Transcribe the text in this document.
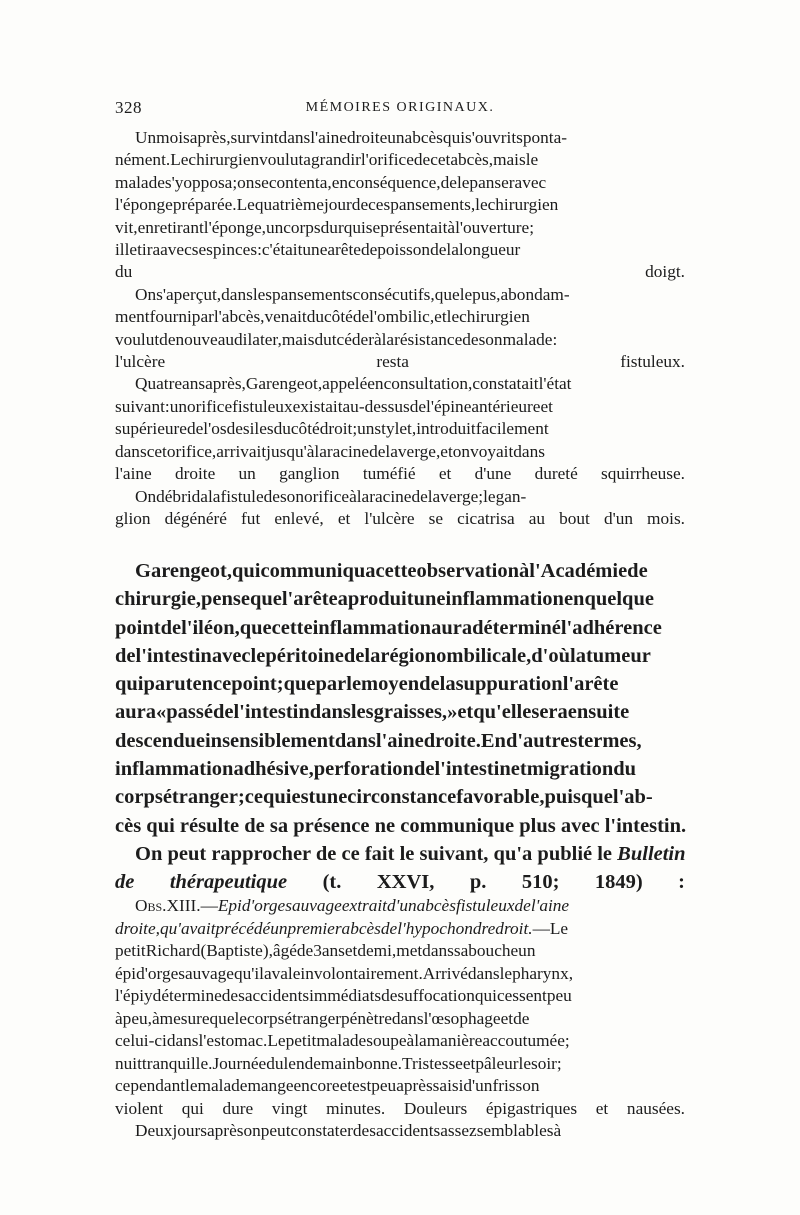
328	MÉMOIRES ORIGINAUX.

Unmoisaprès,survintdansl'ainedroiteunabcèsquis'ouvritsponta-
nément.Lechirurgienvoulutagrandirl'orificedecetabcès,maisle
malades'yopposa;onsecontenta,enconséquence,delepanseravec
l'épongepréparée.Lequatrièmejourdecespansements,lechirurgien
vit,enretirantl'éponge,uncorpsdurquiseprésentaitàl'ouverture;
illetiraavecsespinces:c'étaitunearêtedepoissondelalongueur
du doigt.

Ons'aperçut,danslespansementsconsécutifs,quelepus,abondam-
mentfourniparl'abcès,venaitducôtédel'ombilic,etlechirurgien
voulutdenouveaudilater,maisdutcéderàlarésistancedesonmalade:
l'ulcère resta fistuleux.

Quatreansaprès,Garengeot,appeléenconsultation,constataitl'état
suivant:unorificefistuleuxexistaitau-dessusdel'épineantérieureet
supérieuredel'osdesilesducôtédroit;unstylet,introduitfacilement
danscetorifice,arrivaitjusqu'àlaracinedelaverge,etonvoyaitdans
l'aine droite un ganglion tuméfié et d'une dureté squirrheuse.

Ondébridalafistuledesonorificeàlaracinedelaverge;legan-
glion dégénéré fut enlevé, et l'ulcère se cicatrisa au bout d'un mois.

Garengeot,quicommuniquacetteobservationàl'Académiede
chirurgie,pensequel'arêteaproduituneinflammationenquelque
pointdel'iléon,quecetteinflammationauradéterminél'adhérence
del'intestinaveclepéritoinedelarégionombilicale,d'oùlatumeur
quiparutencepoint;queparlemoyendelasuppurationl'arête
aura«passédel'intestindanslesgraisses,»etqu'elleseraensuite
descendueinsensiblementdansl'ainedroite.End'autrestermes,
inflammationadhésive,perforationdel'intestinetmigrationdu
corpsétranger;cequiestunecirconstancefavorable,puisquel'ab-
cès qui résulte de sa présence ne communique plus avec l'intestin.

On peut rapprocher de ce fait le suivant, qu'a publié le Bulletin
de thérapeutique (t. XXVI, p. 510; 1849) :

Obs.XIII.—Epid'orgesauvageextraitd'unabcèsfistuleuxdel'aine
droite,qu'avaitprécédéunpremierabcèsdel'hypochondredroit.—Le
petitRichard(Baptiste),âgéde3ansetdemi,metdanssaboucheun
épid'orgesauvagequ'ilavaleinvolontairement.Arrivédanslepharynx,
l'épiydéterminedesaccidentsimmédiatsdesuffocationquicessentpeu
àpeu,àmesurequelecorpsétrangerpénètredansl'œsophageetde
celui-cidansl'estomac.Lepetitmaladesoupeàlamanièreaccoutumée;
nuittranquille.Journéedulendemainbonne.Tristesseetpâleurlesoir;
cependantlemalademangeencoreetestpeuaprèssaisid'unfrisson
violent qui dure vingt minutes. Douleurs épigastriques et nausées.

Deuxjoursaprèsonpeutconstaterdesaccidentsassezsemblablesà
